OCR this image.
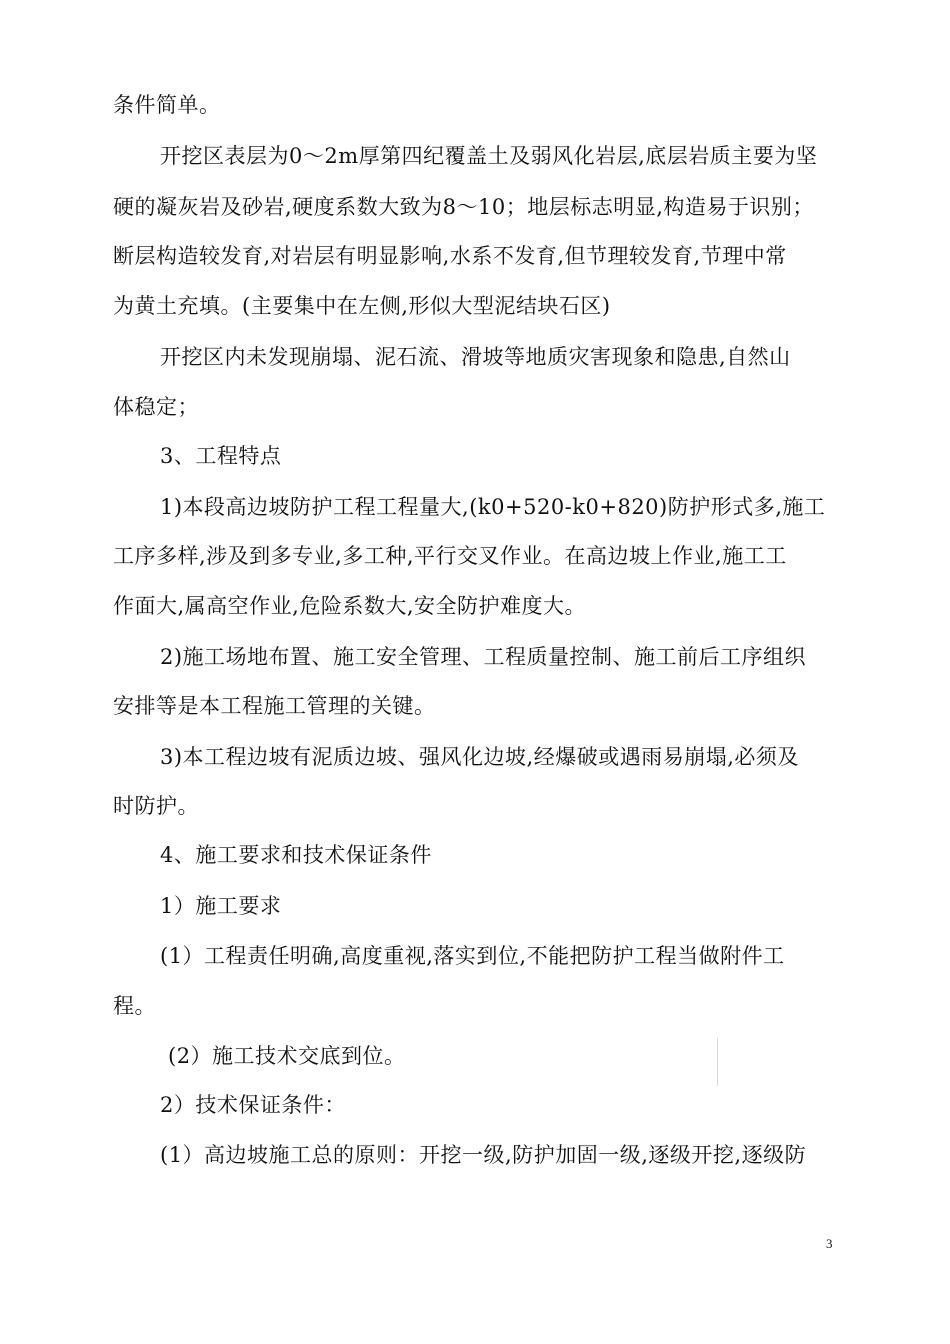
条件简单。
开挖区表层为0～2m厚第四纪覆盖土及弱风化岩层,底层岩质主要为坚
硬的凝灰岩及砂岩,硬度系数大致为8～10；地层标志明显,构造易于识别；
断层构造较发育,对岩层有明显影响,水系不发育,但节理较发育,节理中常
为黄土充填。(主要集中在左侧,形似大型泥结块石区)
开挖区内未发现崩塌、泥石流、滑坡等地质灾害现象和隐患,自然山
体稳定；
3、工程特点
1)本段高边坡防护工程工程量大,(k0+520-k0+820)防护形式多,施工
工序多样,涉及到多专业,多工种,平行交叉作业。在高边坡上作业,施工工
作面大,属高空作业,危险系数大,安全防护难度大。
2)施工场地布置、施工安全管理、工程质量控制、施工前后工序组织
安排等是本工程施工管理的关键。
3)本工程边坡有泥质边坡、强风化边坡,经爆破或遇雨易崩塌,必须及
时防护。
4、施工要求和技术保证条件
1）施工要求
(1）工程责任明确,高度重视,落实到位,不能把防护工程当做附件工
程。
(2）施工技术交底到位。
2）技术保证条件：
(1）高边坡施工总的原则：开挖一级,防护加固一级,逐级开挖,逐级防
3
